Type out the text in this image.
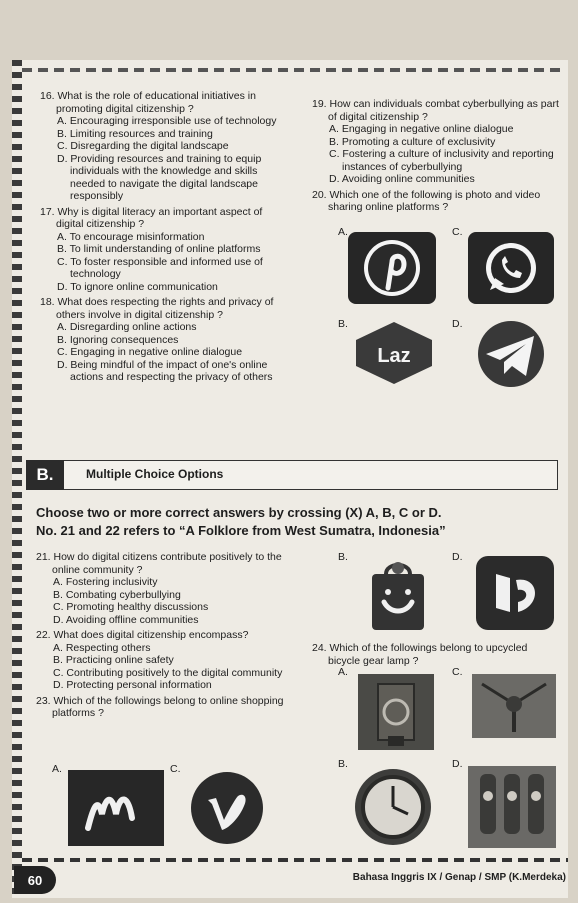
16. What is the role of educational initiatives in promoting digital citizenship ?
A. Encouraging irresponsible use of technology
B. Limiting resources and training
C. Disregarding the digital landscape
D. Providing resources and training to equip individuals with the knowledge and skills needed to navigate the digital landscape responsibly
17. Why is digital literacy an important aspect of digital citizenship ?
A. To encourage misinformation
B. To limit understanding of online platforms
C. To foster responsible and informed use of technology
D. To ignore online communication
18. What does respecting the rights and privacy of others involve in digital citizenship ?
A. Disregarding online actions
B. Ignoring consequences
C. Engaging in negative online dialogue
D. Being mindful of the impact of one's online actions and respecting the privacy of others
19. How can individuals combat cyberbullying as part of digital citizenship ?
A. Engaging in negative online dialogue
B. Promoting a culture of exclusivity
C. Fostering a culture of inclusivity and reporting instances of cyberbullying
D. Avoiding online communities
20. Which one of the following is photo and video sharing online platforms ?
A.	C.
B.	D.
Laz
B.	Multiple Choice Options
Choose two or more correct answers by crossing (X) A, B, C or D.
No. 21 and 22 refers to “A Folklore from West Sumatra, Indonesia”
21. How do digital citizens contribute positively to the online community ?
A. Fostering inclusivity
B. Combating cyberbullying
C. Promoting healthy discussions
D. Avoiding offline communities
22. What does digital citizenship encompass?
A. Respecting others
B. Practicing online safety
C. Contributing positively to the digital community
D. Protecting personal information
23. Which of the followings belong to online shopping platforms ?
A.	C.
B.	D.
24. Which of the followings belong to upcycled bicycle gear lamp ?
A.	C.
B.	D.
60	Bahasa Inggris IX / Genap / SMP (K.Merdeka)
